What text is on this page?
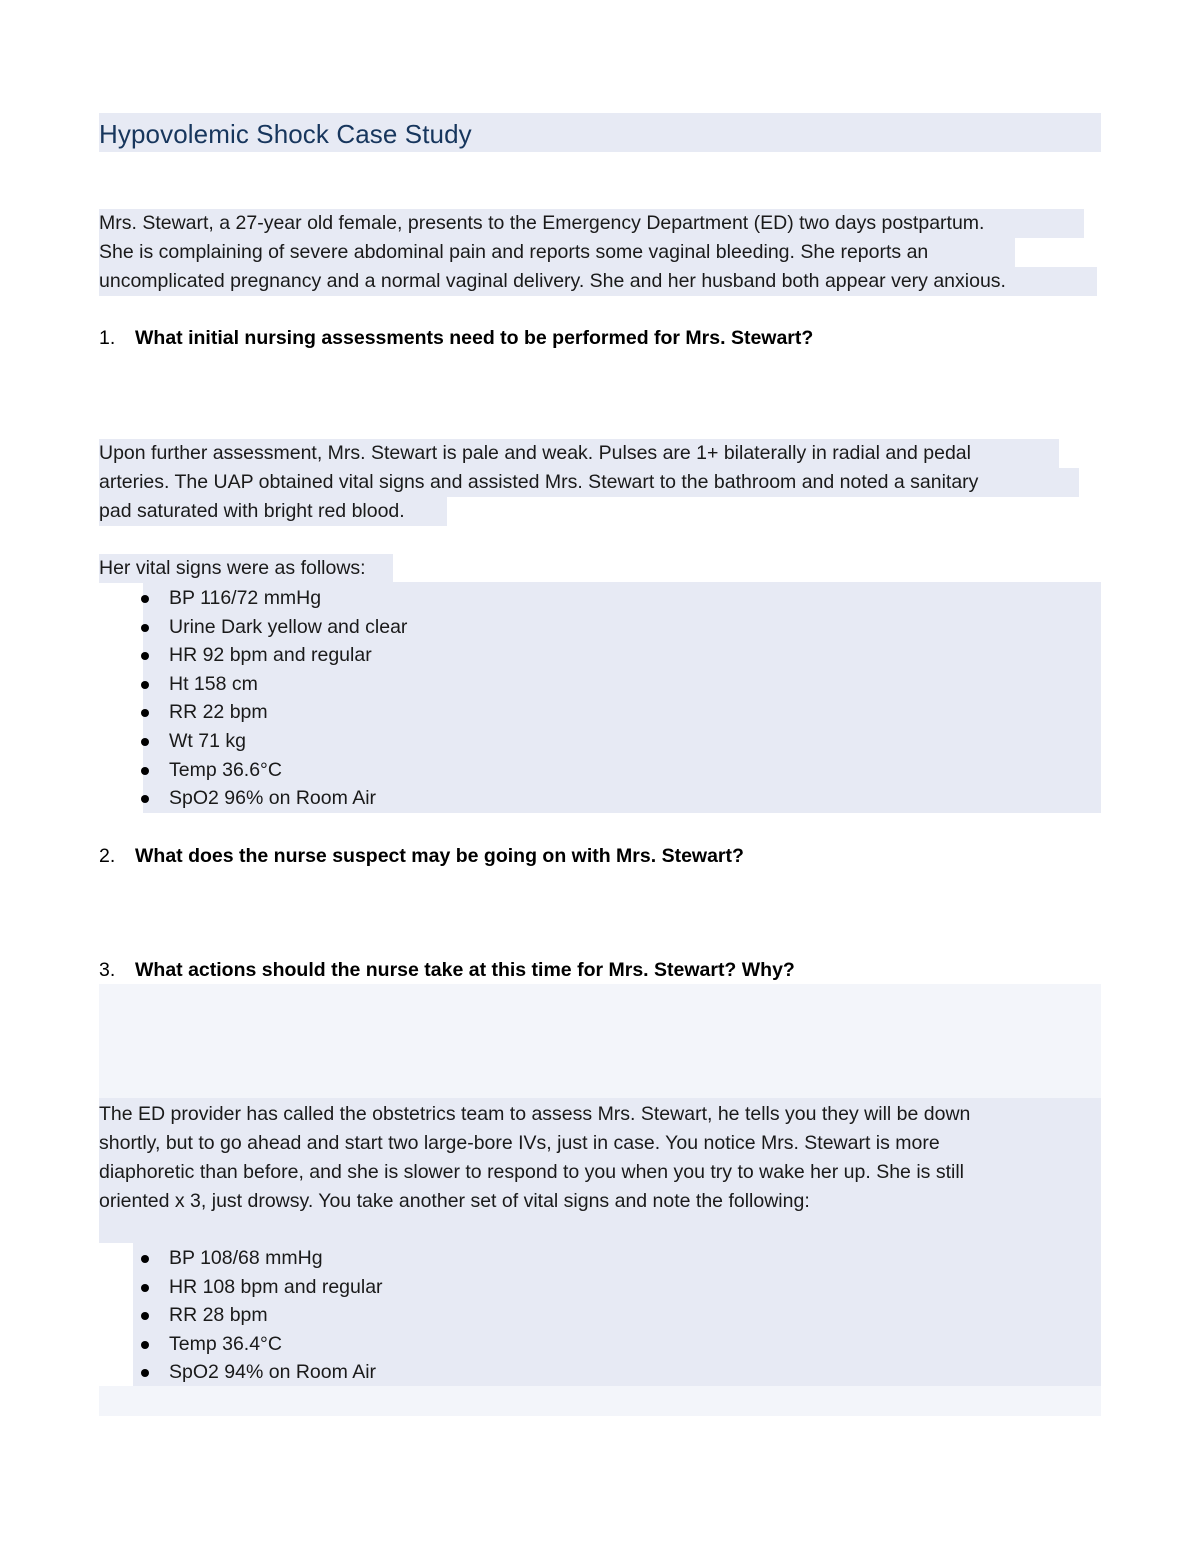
Hypovolemic Shock Case Study
Mrs. Stewart, a 27-year old female, presents to the Emergency Department (ED) two days postpartum.
She is complaining of severe abdominal pain and reports some vaginal bleeding. She reports an
uncomplicated pregnancy and a normal vaginal delivery. She and her husband both appear very anxious.
1. What initial nursing assessments need to be performed for Mrs. Stewart?
Upon further assessment, Mrs. Stewart is pale and weak. Pulses are 1+ bilaterally in radial and pedal
arteries. The UAP obtained vital signs and assisted Mrs. Stewart to the bathroom and noted a sanitary
pad saturated with bright red blood.
Her vital signs were as follows:
BP 116/72 mmHg
Urine Dark yellow and clear
HR 92 bpm and regular
Ht 158 cm
RR 22 bpm
Wt 71 kg
Temp 36.6°C
SpO2 96% on Room Air
2. What does the nurse suspect may be going on with Mrs. Stewart?
3. What actions should the nurse take at this time for Mrs. Stewart? Why?
The ED provider has called the obstetrics team to assess Mrs. Stewart, he tells you they will be down
shortly, but to go ahead and start two large-bore IVs, just in case. You notice Mrs. Stewart is more
diaphoretic than before, and she is slower to respond to you when you try to wake her up. She is still
oriented x 3, just drowsy. You take another set of vital signs and note the following:
BP 108/68 mmHg
HR 108 bpm and regular
RR 28 bpm
Temp 36.4°C
SpO2 94% on Room Air
